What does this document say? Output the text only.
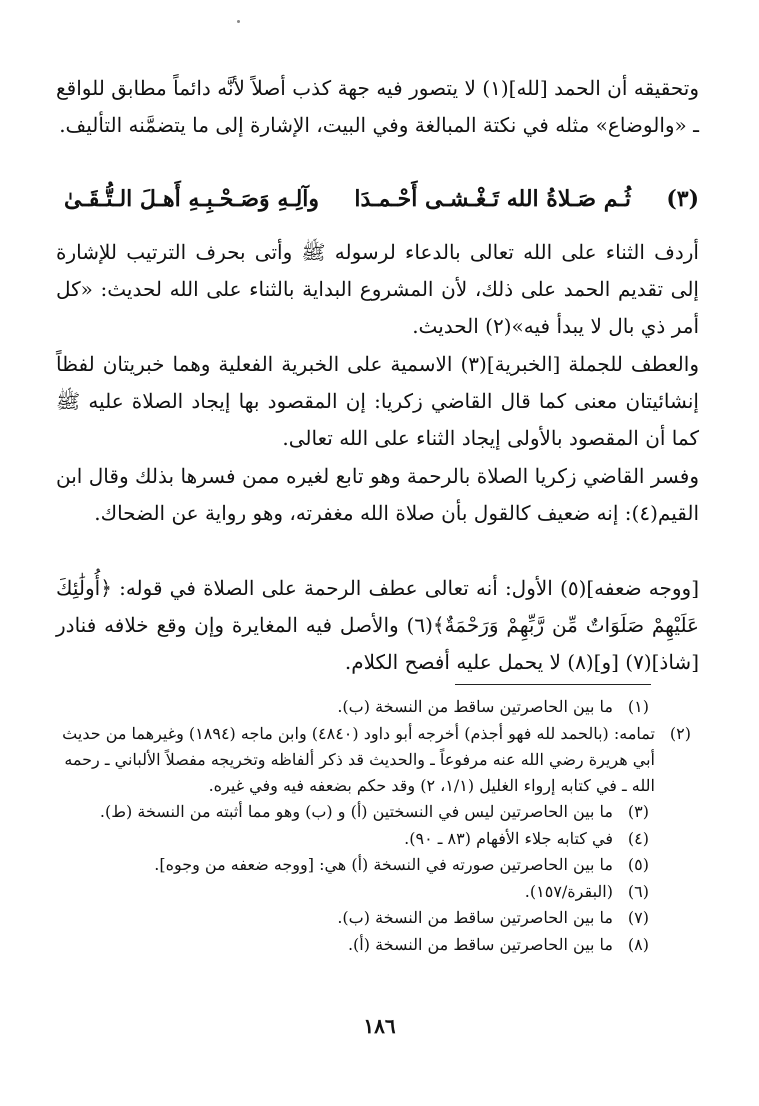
وتحقيقه أن الحمد [لله](١) لا يتصور فيه جهة كذب أصلاً لأنَّه دائماً مطابق للواقع ـ «والوضاع» مثله في نكتة المبالغة وفي البيت، الإشارة إلى ما يتضمَّنه التأليف.

(٣)
ثُـم صَـلاةُ الله تَـغْـشـى أَحْـمـدَا
وآلِـهِ وَصَـحْـبِـهِ أَهـلَ الـتُّـقَـىٰ

أردف الثناء على الله تعالى بالدعاء لرسوله ﷺ وأتى بحرف الترتيب للإشارة إلى تقديم الحمد على ذلك، لأن المشروع البداية بالثناء على الله لحديث: «كل أمر ذي بال لا يبدأ فيه»(٢) الحديث.

والعطف للجملة [الخبرية](٣) الاسمية على الخبرية الفعلية وهما خبريتان لفظاً إنشائيتان معنى كما قال القاضي زكريا: إن المقصود بها إيجاد الصلاة عليه ﷺ كما أن المقصود بالأولى إيجاد الثناء على الله تعالى.

وفسر القاضي زكريا الصلاة بالرحمة وهو تابع لغيره ممن فسرها بذلك وقال ابن القيم(٤): إنه ضعيف كالقول بأن صلاة الله مغفرته، وهو رواية عن الضحاك.

[ووجه ضعفه](٥) الأول: أنه تعالى عطف الرحمة على الصلاة في قوله: ﴿أُولَٰئِكَ عَلَيْهِمْ صَلَوَاتٌ مِّن رَّبِّهِمْ وَرَحْمَةٌ﴾(٦) والأصل فيه المغايرة وإن وقع خلافه فنادر [شاذ](٧) [و](٨) لا يحمل عليه أفصح الكلام.

(١)
ما بين الحاصرتين ساقط من النسخة (ب).
(٢)
تمامه: (بالحمد لله فهو أجذم) أخرجه أبو داود (٤٨٤٠) وابن ماجه (١٨٩٤) وغيرهما من حديث أبي هريرة رضي الله عنه مرفوعاً ـ والحديث قد ذكر ألفاظه وتخريجه مفصلاً الألباني ـ رحمه الله ـ في كتابه إرواء الغليل (١/١، ٢) وقد حكم بضعفه فيه وفي غيره.
(٣)
ما بين الحاصرتين ليس في النسختين (أ) و (ب) وهو مما أثبته من النسخة (ط).
(٤)
في كتابه جلاء الأفهام (٨٣ ـ ٩٠).
(٥)
ما بين الحاصرتين صورته في النسخة (أ) هي: [ووجه ضعفه من وجوه].
(٦)
(البقرة/١٥٧).
(٧)
ما بين الحاصرتين ساقط من النسخة (ب).
(٨)
ما بين الحاصرتين ساقط من النسخة (أ).
١٨٦
